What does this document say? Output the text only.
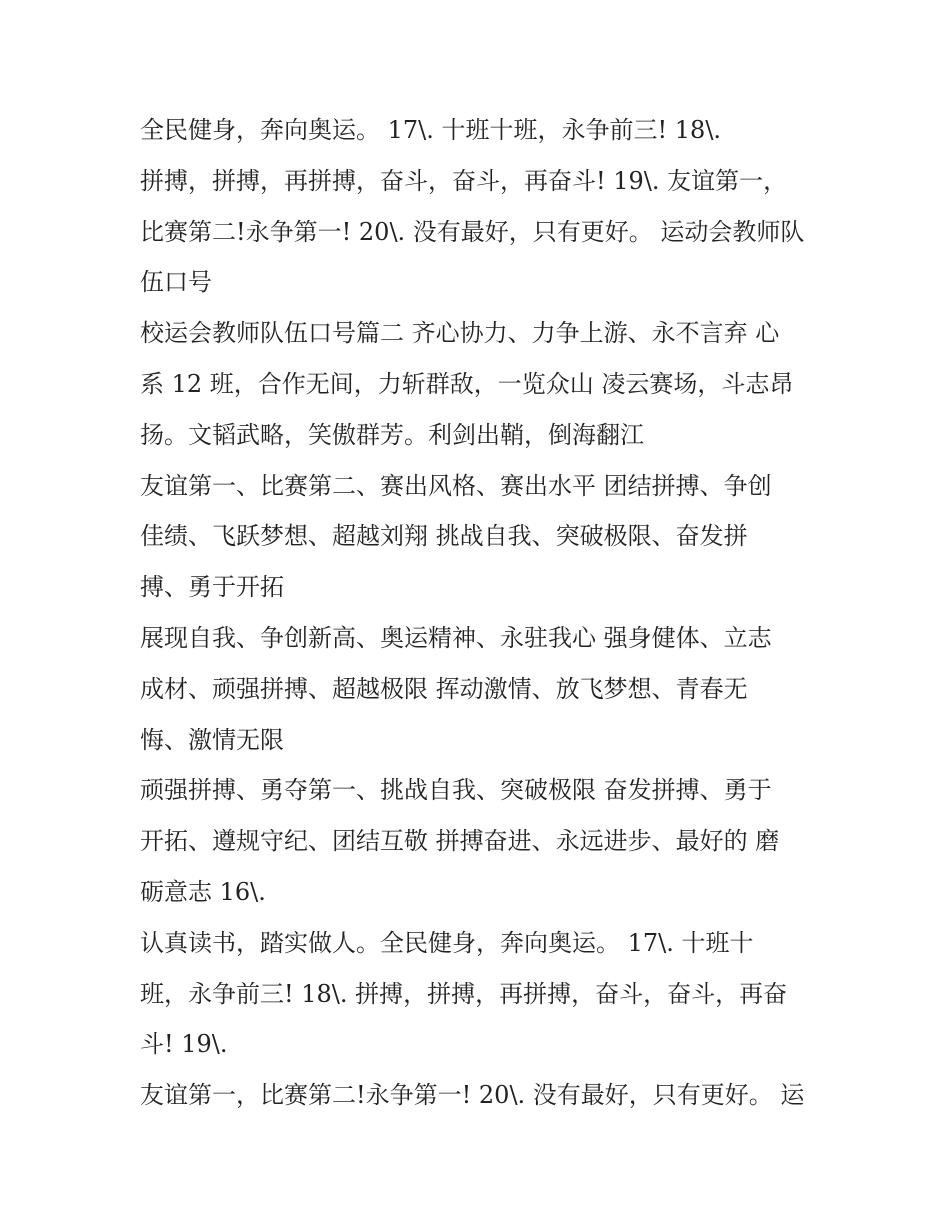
全民健身，奔向奥运。 17\. 十班十班，永争前三! 18\.
拼搏，拼搏，再拼搏，奋斗，奋斗，再奋斗! 19\. 友谊第一，
比赛第二!永争第一! 20\. 没有最好，只有更好。 运动会教师队
伍口号
校运会教师队伍口号篇二 齐心协力、力争上游、永不言弃 心
系 12 班，合作无间，力斩群敌，一览众山 凌云赛场，斗志昂
扬。文韬武略，笑傲群芳。利剑出鞘，倒海翻江
友谊第一、比赛第二、赛出风格、赛出水平 团结拼搏、争创
佳绩、飞跃梦想、超越刘翔 挑战自我、突破极限、奋发拼
搏、勇于开拓
展现自我、争创新高、奥运精神、永驻我心 强身健体、立志
成材、顽强拼搏、超越极限 挥动激情、放飞梦想、青春无
悔、激情无限
顽强拼搏、勇夺第一、挑战自我、突破极限 奋发拼搏、勇于
开拓、遵规守纪、团结互敬 拼搏奋进、永远进步、最好的 磨
砺意志 16\.
认真读书，踏实做人。全民健身，奔向奥运。 17\. 十班十
班，永争前三! 18\. 拼搏，拼搏，再拼搏，奋斗，奋斗，再奋
斗! 19\.
友谊第一，比赛第二!永争第一! 20\. 没有最好，只有更好。 运
